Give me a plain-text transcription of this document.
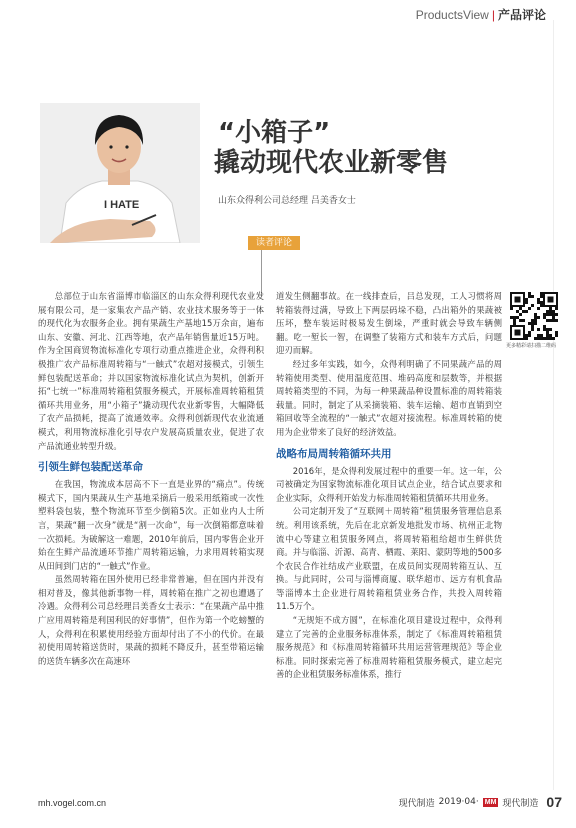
ProductsView | 产品评论
I HATE
“小箱子”
撬动现代农业新零售
山东众得利公司总经理 吕美香女士
读者评论

总部位于山东省淄博市临淄区的山东众得利现代农业发展有限公司，是一家集农产品产销、农业技术服务等于一体的现代化为农服务企业。拥有果蔬生产基地15万余亩，遍布山东、安徽、河北、江西等地，农产品年销售量近15万吨。作为全国商贸物流标准化专项行动重点推进企业，众得利积极推广农产品标准周转箱与“一触式”农超对接模式，引领生鲜包装配送革命；并以国家物流标准化试点为契机，创新开拓“七统一”标准周转箱租赁服务模式，开展标准周转箱租赁循环共用业务，用“小箱子”撬动现代农业新零售，大幅降低了农产品损耗，提高了流通效率。众得利创新现代农业流通模式，利用物流标准化引导农户发展高质量农业，促进了农产品流通业转型升级。

引领生鲜包装配送革命

在我国，物流成本居高不下一直是业界的“痛点”。传统模式下，国内果蔬从生产基地采摘后一般采用纸箱或一次性塑料袋包装，整个物流环节至少倒箱5次。正如业内人士所言，果蔬“翻一次身”就是“割一次命”，每一次倒箱都意味着一次损耗。为破解这一难题，2010年前后，国内零售企业开始在生鲜产品流通环节推广周转箱运输，力求用周转箱实现从田间到门店的“一触式”作业。

虽然周转箱在国外使用已经非常普遍，但在国内并没有相对普及，像其他新事物一样，周转箱在推广之初也遭遇了冷遇。众得利公司总经理吕美香女士表示：“在果蔬产品中推广应用周转箱是利国利民的好事情”，但作为第一个吃螃蟹的人，众得利在积累使用经验方面却付出了不小的代价。在最初使用周转箱送货时，果蔬的损耗不降反升，甚至带箱运输的送货车辆多次在高速环

道发生侧翻事故。在一线排查后，吕总发现，工人习惯将周转箱装得过满，导致上下两层码垛不稳，凸出箱外的果蔬被压坏，整车装运时极易发生倒垛，严重时就会导致车辆侧翻。吃一堑长一智，在调整了装箱方式和装车方式后，问题迎刃而解。

经过多年实践，如今，众得利明确了不同果蔬产品的周转箱使用类型、使用温度范围、堆码高度和层数等，并根据周转箱类型的不同，为每一种果蔬品种设置标准的周转箱装载量。同时，制定了从采摘装箱、装车运输、超市直销到空箱回收等全流程的“一触式”农超对接流程。标准周转箱的使用为企业带来了良好的经济效益。

战略布局周转箱循环共用

2016年，是众得利发展过程中的重要一年。这一年，公司被确定为国家物流标准化项目试点企业，结合试点要求和企业实际，众得利开始发力标准周转箱租赁循环共用业务。

公司定制开发了“互联网＋周转箱”租赁服务管理信息系统。利用该系统，先后在北京新发地批发市场、杭州正北物流中心等建立租赁服务网点，将周转箱租给超市生鲜供货商。并与临淄、沂源、高青、栖霞、莱阳、蒙阴等地的500多个农民合作社结成产业联盟，在成员间实现周转箱互认、互换。与此同时，公司与淄博商厦、联华超市、远方有机食品等淄博本土企业进行周转箱租赁业务合作，共投入周转箱11.5万个。

“无规矩不成方圆”，在标准化项目建设过程中，众得利建立了完善的企业服务标准体系，制定了《标准周转箱租赁服务规范》和《标准周转箱循环共用运营管理规范》等企业标准。同时探索完善了标准周转箱租赁服务模式，建立起完善的企业租赁服务标准体系，推行

更多精彩请扫描二维码
mh.vogel.com.cn	现代制造 2019·04· MM 现代制造 07
